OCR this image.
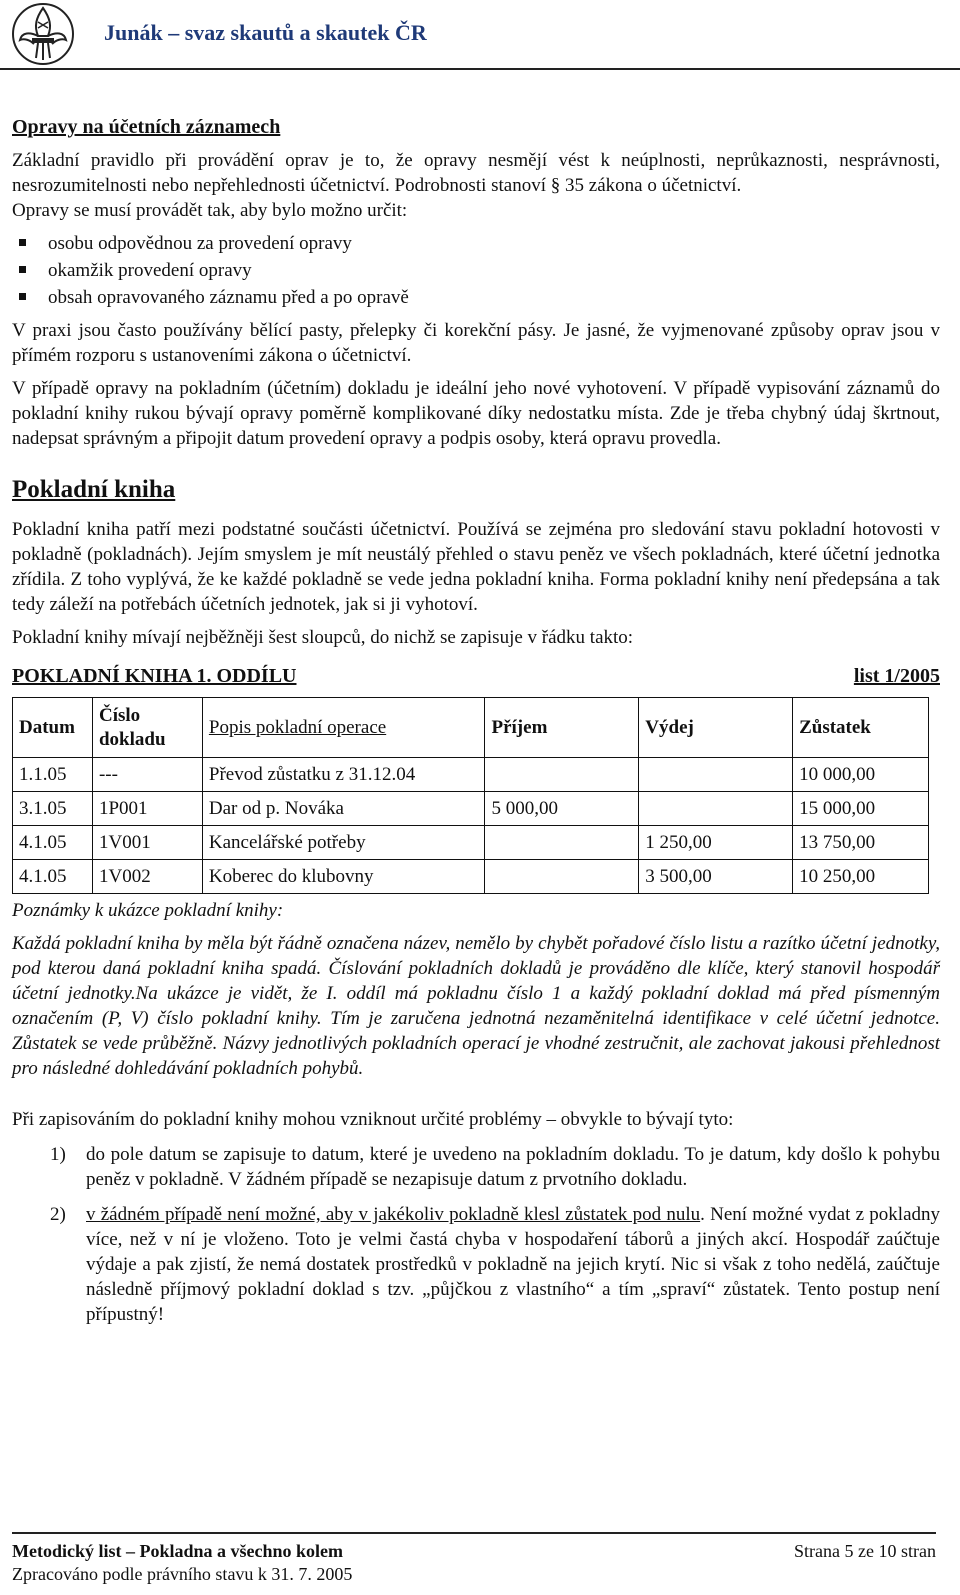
Junák – svaz skautů a skautek ČR
Opravy na účetních záznamech

Základní pravidlo při provádění oprav je to, že opravy nesmějí vést k neúplnosti, neprůkaznosti, nesprávnosti, nesrozumitelnosti nebo nepřehlednosti účetnictví. Podrobnosti stanoví § 35 zákona o účetnictví.

Opravy se musí provádět tak, aby bylo možno určit:

osobu odpovědnou za provedení opravy
okamžik provedení opravy
obsah opravovaného záznamu před a po opravě

V praxi jsou často používány bělící pasty, přelepky či korekční pásy. Je jasné, že vyjmenované způsoby oprav jsou v přímém rozporu s ustanoveními zákona o účetnictví.

V případě opravy na pokladním (účetním) dokladu je ideální jeho nové vyhotovení. V případě vypisování záznamů do pokladní knihy rukou bývají opravy poměrně komplikované díky nedostatku místa. Zde je třeba chybný údaj škrtnout, nadepsat správným a připojit datum provedení opravy a podpis osoby, která opravu provedla.

Pokladní kniha

Pokladní kniha patří mezi podstatné součásti účetnictví. Používá se zejména pro sledování stavu pokladní hotovosti v pokladně (pokladnách). Jejím smyslem je mít neustálý přehled o stavu peněz ve všech pokladnách, které účetní jednotka zřídila. Z toho vyplývá, že ke každé pokladně se vede jedna pokladní kniha. Forma pokladní knihy není předepsána a tak tedy záleží na potřebách účetních jednotek, jak si ji vyhotoví.

Pokladní knihy mívají nejběžněji šest sloupců, do nichž se zapisuje v řádku takto:

POKLADNÍ KNIHA 1. ODDÍLU	list 1/2005
Datum	Číslo dokladu	Popis pokladní operace	Příjem	Výdej	Zůstatek
1.1.05	---	Převod zůstatku z 31.12.04			10 000,00
3.1.05	1P001	Dar od p. Nováka	5 000,00		15 000,00
4.1.05	1V001	Kancelářské potřeby		1 250,00	13 750,00
4.1.05	1V002	Koberec do klubovny		3 500,00	10 250,00
Poznámky k ukázce pokladní knihy:

Každá pokladní kniha by měla být řádně označena název, nemělo by chybět pořadové číslo listu a razítko účetní jednotky, pod kterou daná pokladní kniha spadá. Číslování pokladních dokladů je prováděno dle klíče, který stanovil hospodář účetní jednotky.Na ukázce je vidět, že I. oddíl má pokladnu číslo 1 a každý pokladní doklad má před písmenným označením (P, V) číslo pokladní knihy. Tím je zaručena jednotná nezaměnitelná identifikace v celé účetní jednotce. Zůstatek se vede průběžně. Názvy jednotlivých pokladních operací je vhodné zestručnit, ale zachovat jakousi přehlednost pro následné dohledávání pokladních pohybů.

Při zapisováním do pokladní knihy mohou vzniknout určité problémy – obvykle to bývají tyto:

1) do pole datum se zapisuje to datum, které je uvedeno na pokladním dokladu. To je datum, kdy došlo k pohybu peněz v pokladně. V žádném případě se nezapisuje datum z prvotního dokladu.
2) v žádném případě není možné, aby v jakékoliv pokladně klesl zůstatek pod nulu. Není možné vydat z pokladny více, než v ní je vloženo. Toto je velmi častá chyba v hospodaření táborů a jiných akcí. Hospodář zaúčtuje výdaje a pak zjistí, že nemá dostatek prostředků v pokladně na jejich krytí. Nic si však z toho nedělá, zaúčtuje následně příjmový pokladní doklad s tzv. „půjčkou z vlastního“ a tím „spraví“ zůstatek. Tento postup není přípustný!
Metodický list – Pokladna a všechno kolem	Strana 5 ze 10 stran
Zpracováno podle právního stavu k 31. 7. 2005
